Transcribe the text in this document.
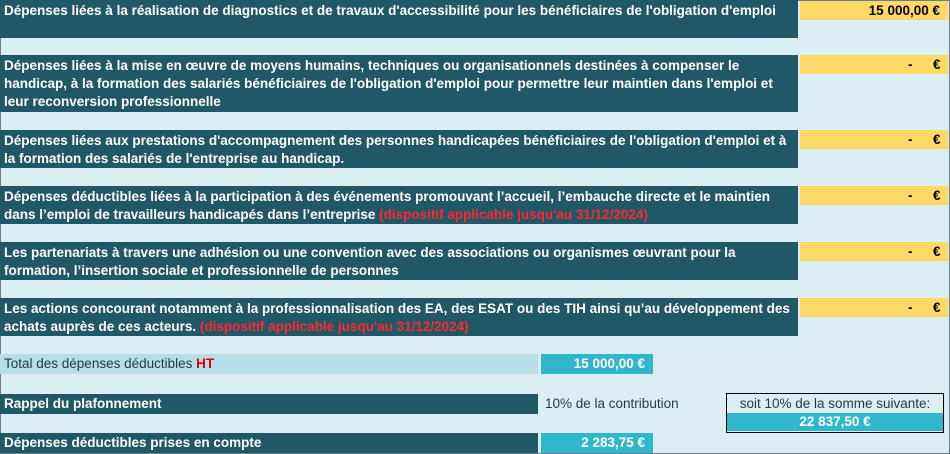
Dépenses liées à la réalisation de diagnostics et de travaux d'accessibilité pour les bénéficiaires de l'obligation d'emploi	15 000,00 €
Dépenses liées à la mise en œuvre de moyens humains, techniques ou organisationnels destinées à compenser le handicap, à la formation des salariés bénéficiaires de l'obligation d'emploi pour permettre leur maintien dans l'emploi et leur reconversion professionnelle
- €
Dépenses liées aux prestations d'accompagnement des personnes handicapées bénéficiaires de l'obligation d'emploi et à la formation des salariés de l'entreprise au handicap.
- €
Dépenses déductibles liées à la participation à des événements promouvant l’accueil, l’embauche directe et le maintien dans l’emploi de travailleurs handicapés dans l’entreprise (dispositif applicable jusqu'au 31/12/2024)
- €
Les partenariats à travers une adhésion ou une convention avec des associations ou organismes œuvrant pour la formation, l’insertion sociale et professionnelle de personnes
- €
Les actions concourant notamment à la professionnalisation des EA, des ESAT ou des TIH ainsi qu’au développement des achats auprès de ces acteurs. (dispositif applicable jusqu'au 31/12/2024)
- €
Total des dépenses déductibles HT	15 000,00 €
Rappel du plafonnement	10% de la contribution	soit 10% de la somme suivante:
22 837,50 €
Dépenses déductibles prises en compte	2 283,75 €
